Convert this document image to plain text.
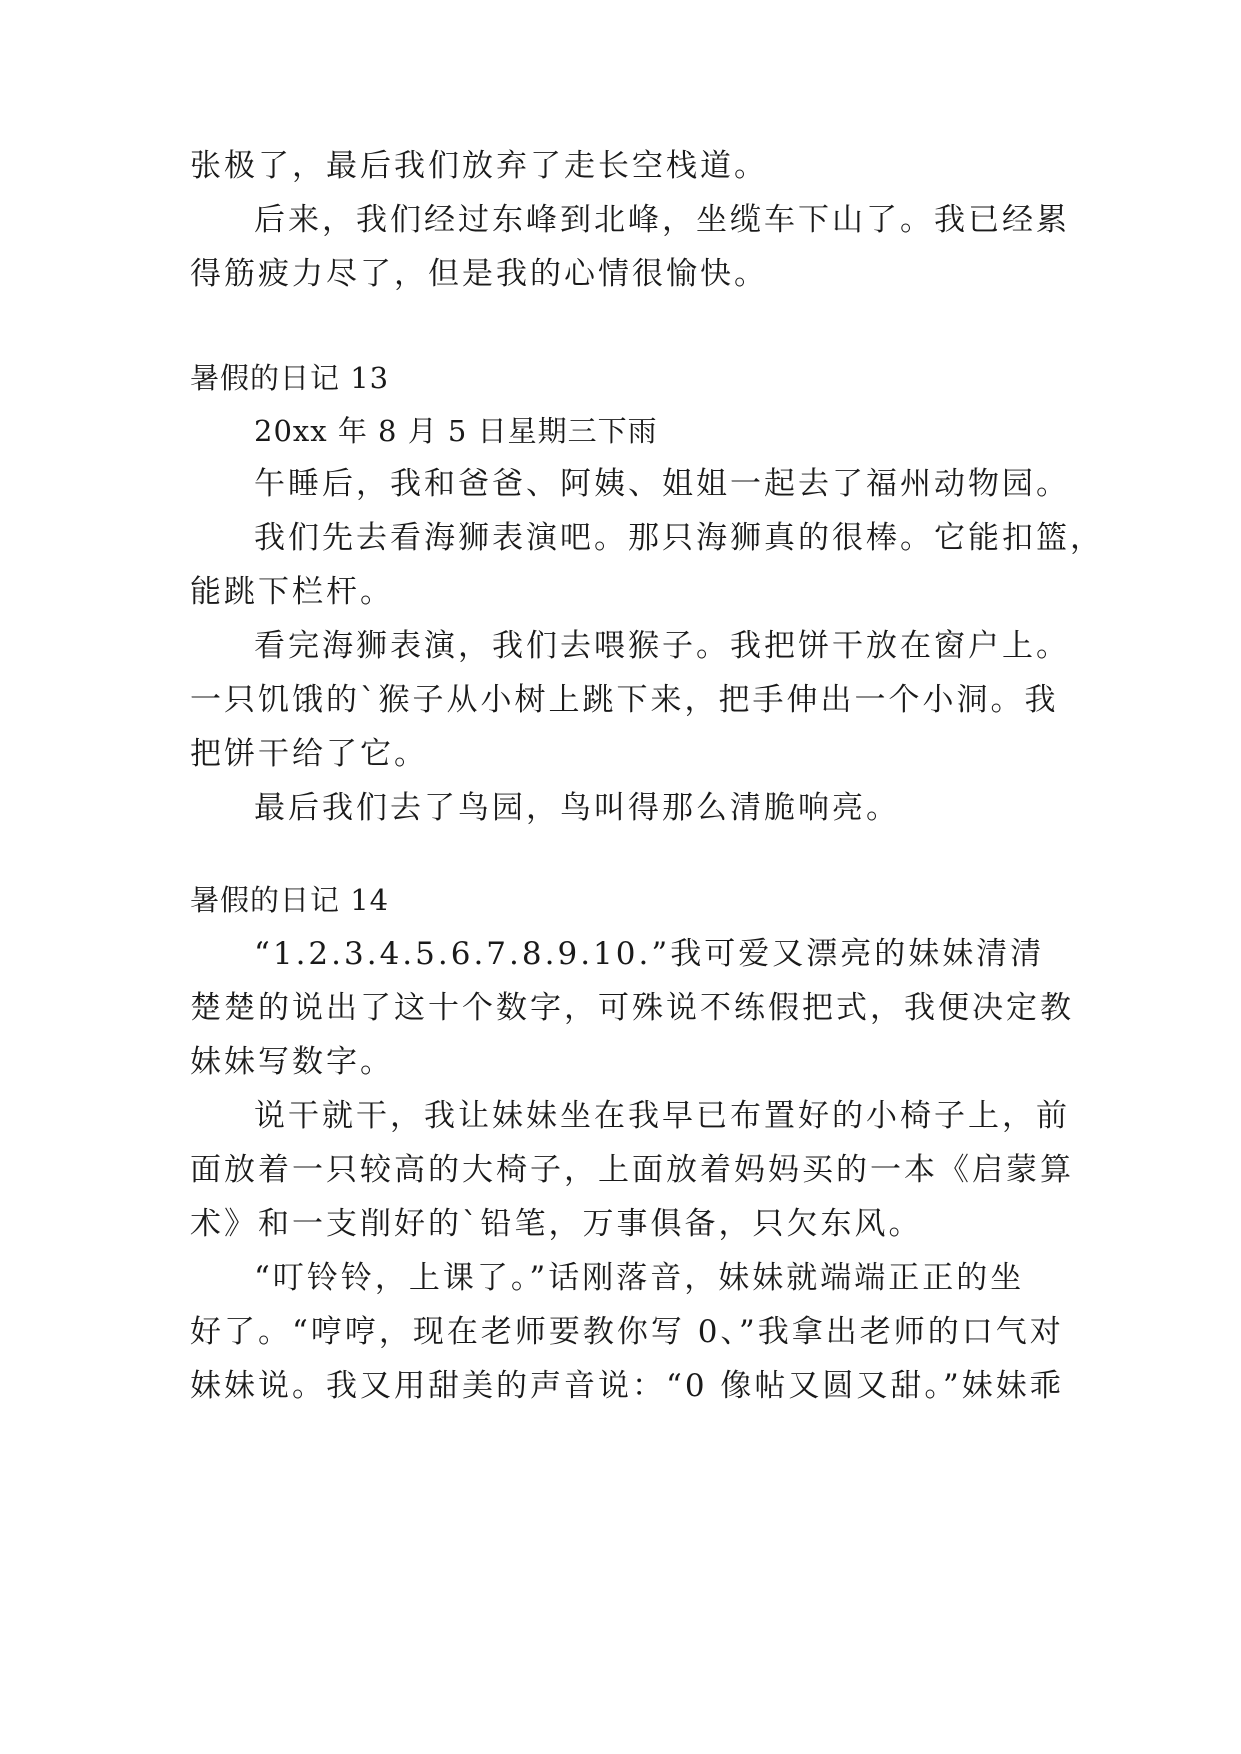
张极了，最后我们放弃了走长空栈道。
后来，我们经过东峰到北峰，坐缆车下山了。我已经累
得筋疲力尽了，但是我的心情很愉快。
暑假的日记 13
20xx 年 8 月 5 日星期三下雨
午睡后，我和爸爸、阿姨、姐姐一起去了福州动物园。
我们先去看海狮表演吧。那只海狮真的很棒。它能扣篮，
能跳下栏杆。
看完海狮表演，我们去喂猴子。我把饼干放在窗户上。
一只饥饿的`猴子从小树上跳下来，把手伸出一个小洞。我
把饼干给了它。
最后我们去了鸟园，鸟叫得那么清脆响亮。
暑假的日记 14
“1.2.3.4.5.6.7.8.9.10.”我可爱又漂亮的妹妹清清
楚楚的说出了这十个数字，可殊说不练假把式，我便决定教
妹妹写数字。
说干就干，我让妹妹坐在我早已布置好的小椅子上，前
面放着一只较高的大椅子，上面放着妈妈买的一本《启蒙算
术》和一支削好的`铅笔，万事俱备，只欠东风。
“叮铃铃，上课了。”话刚落音，妹妹就端端正正的坐
好了。“哼哼，现在老师要教你写 0、”我拿出老师的口气对
妹妹说。我又用甜美的声音说：“0 像帖又圆又甜。”妹妹乖
